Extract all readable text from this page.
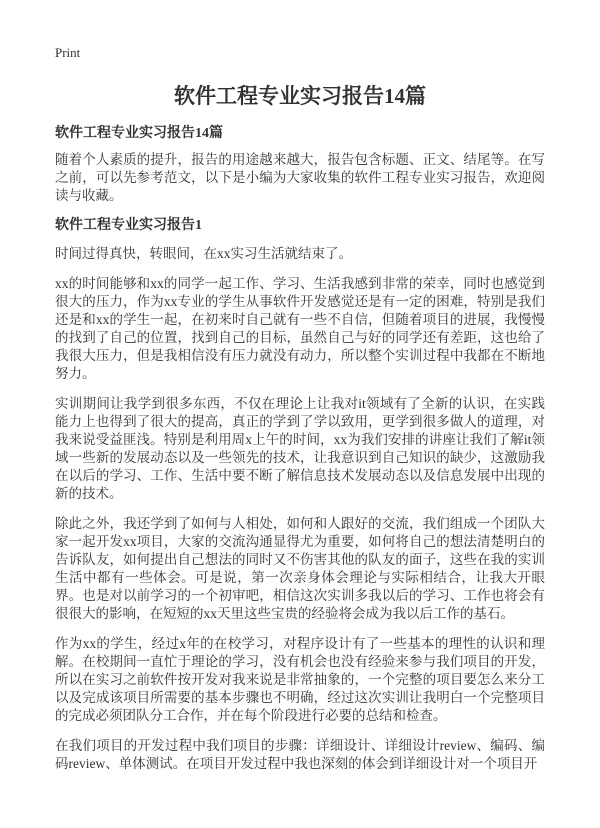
Print
软件工程专业实习报告14篇
软件工程专业实习报告14篇

随着个人素质的提升，报告的用途越来越大，报告包含标题、正文、结尾等。在写之前，可以先参考范文，以下是小编为大家收集的软件工程专业实习报告，欢迎阅读与收藏。

软件工程专业实习报告1

时间过得真快，转眼间，在xx实习生活就结束了。

xx的时间能够和xx的同学一起工作、学习、生活我感到非常的荣幸，同时也感觉到很大的压力，作为xx专业的学生从事软件开发感觉还是有一定的困难，特别是我们还是和xx的学生一起，在初来时自己就有一些不自信，但随着项目的进展，我慢慢的找到了自己的位置，找到自己的目标，虽然自己与好的同学还有差距，这也给了我很大压力，但是我相信没有压力就没有动力，所以整个实训过程中我都在不断地努力。

实训期间让我学到很多东西，不仅在理论上让我对it领域有了全新的认识，在实践能力上也得到了很大的提高，真正的学到了学以致用，更学到很多做人的道理，对我来说受益匪浅。特别是利用周x上午的时间，xx为我们安排的讲座让我们了解it领域一些新的发展动态以及一些领先的技术，让我意识到自己知识的缺少，这激励我在以后的学习、工作、生活中要不断了解信息技术发展动态以及信息发展中出现的新的技术。

除此之外，我还学到了如何与人相处，如何和人跟好的交流，我们组成一个团队大家一起开发xx项目，大家的交流沟通显得尤为重要，如何将自己的想法清楚明白的告诉队友，如何提出自己想法的同时又不伤害其他的队友的面子，这些在我的实训生活中都有一些体会。可是说，第一次亲身体会理论与实际相结合，让我大开眼界。也是对以前学习的一个初审吧，相信这次实训多我以后的学习、工作也将会有很很大的影响，在短短的xx天里这些宝贵的经验将会成为我以后工作的基石。

作为xx的学生，经过x年的在校学习，对程序设计有了一些基本的理性的认识和理解。在校期间一直忙于理论的学习，没有机会也没有经验来参与我们项目的开发，所以在实习之前软件按开发对我来说是非常抽象的，一个完整的项目要怎么来分工以及完成该项目所需要的基本步骤也不明确，经过这次实训让我明白一个完整项目的完成必须团队分工合作，并在每个阶段进行必要的总结和检查。

在我们项目的开发过程中我们项目的步骤：详细设计、详细设计review、编码、编码review、单体测试。在项目开发过程中我也深刻的体会到详细设计对一个项目开
